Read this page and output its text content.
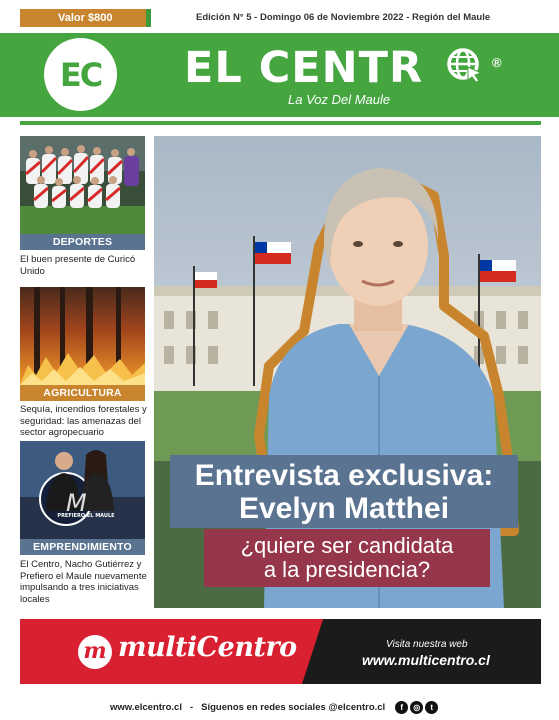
Valor $800	Edición N° 5 - Domingo 06 de Noviembre 2022 - Región del Maule
EC EL CENTR	®
La Voz Del Maule
DEPORTES
El buen presente de Curicó Unido
AGRICULTURA
Sequía, incendios forestales y seguridad: las amenazas del sector agropecuario
M
PREFIERO EL MAULE
EMPRENDIMIENTO
El Centro, Nacho Gutiérrez y Prefiero el Maule nuevamente impulsando a tres iniciativas locales
Entrevista exclusiva:
Evelyn Matthei
¿quiere ser candidata
a la presidencia?
m multiCentro	Visita nuestra web
www.multicentro.cl
www.elcentro.cl - Síguenos en redes sociales @elcentro.cl	f	◎	t
